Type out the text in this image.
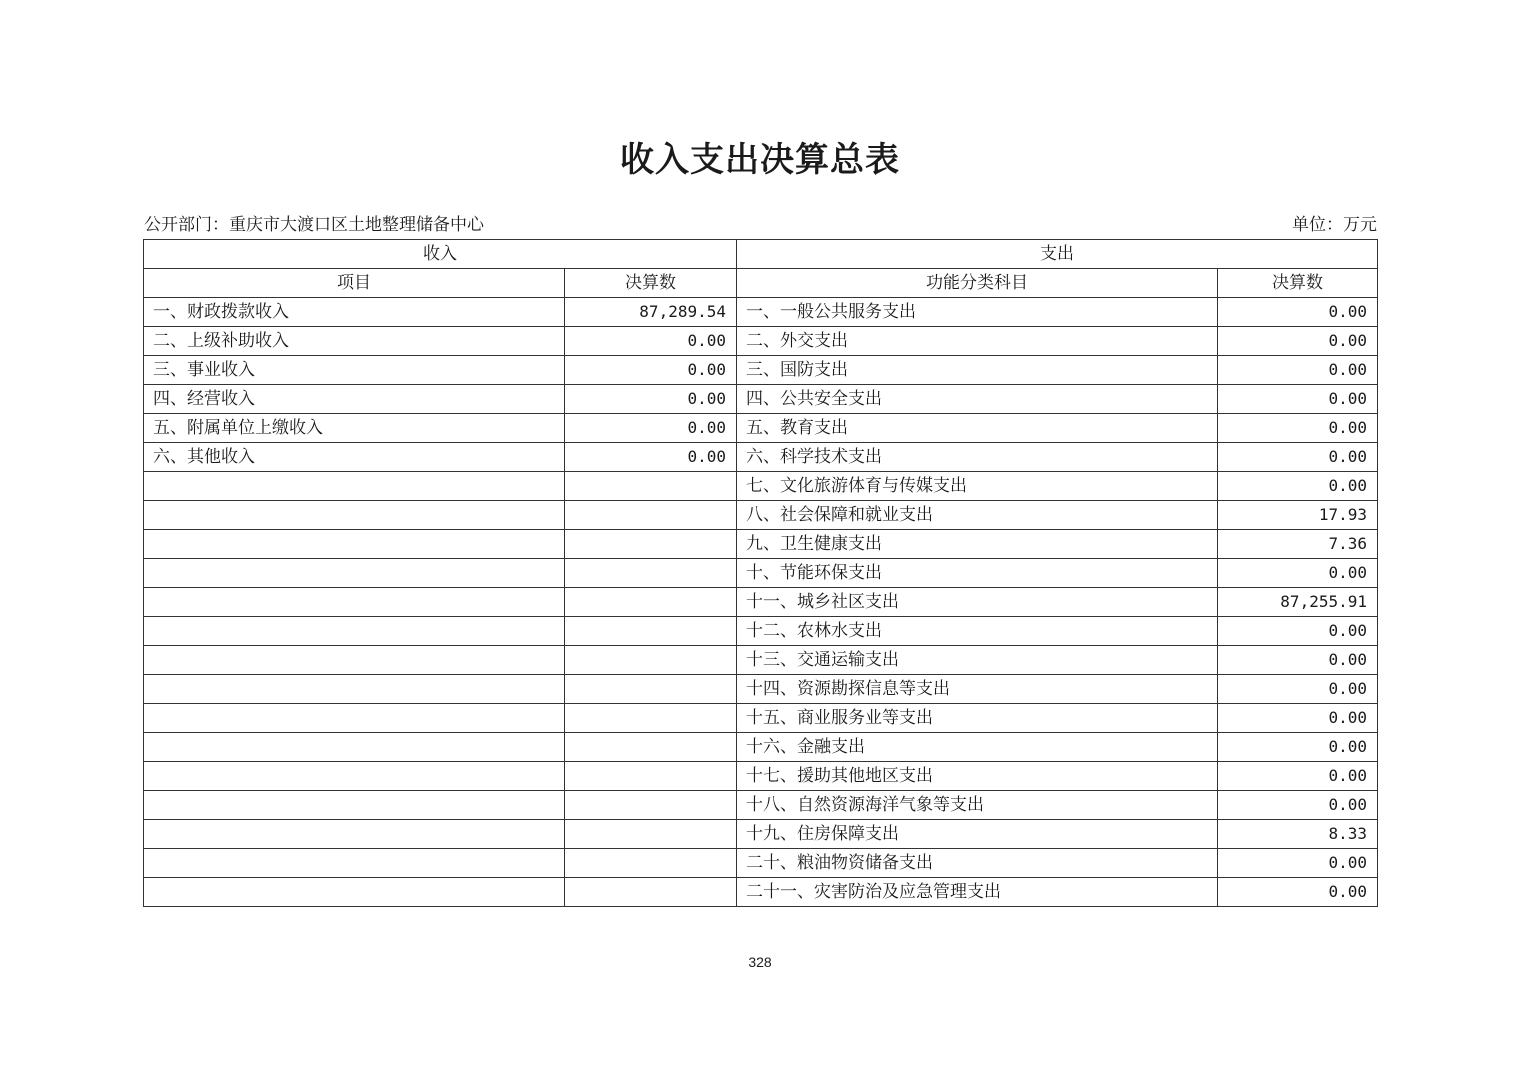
收入支出决算总表
公开部门：重庆市大渡口区土地整理储备中心	单位：万元
收入		支出	
项目	决算数	功能分类科目	决算数
一、财政拨款收入	87,289.54	一、一般公共服务支出	0.00
二、上级补助收入	0.00	二、外交支出	0.00
三、事业收入	0.00	三、国防支出	0.00
四、经营收入	0.00	四、公共安全支出	0.00
五、附属单位上缴收入	0.00	五、教育支出	0.00
六、其他收入	0.00	六、科学技术支出	0.00
		七、文化旅游体育与传媒支出	0.00
		八、社会保障和就业支出	17.93
		九、卫生健康支出	7.36
		十、节能环保支出	0.00
		十一、城乡社区支出	87,255.91
		十二、农林水支出	0.00
		十三、交通运输支出	0.00
		十四、资源勘探信息等支出	0.00
		十五、商业服务业等支出	0.00
		十六、金融支出	0.00
		十七、援助其他地区支出	0.00
		十八、自然资源海洋气象等支出	0.00
		十九、住房保障支出	8.33
		二十、粮油物资储备支出	0.00
		二十一、灾害防治及应急管理支出	0.00
328
